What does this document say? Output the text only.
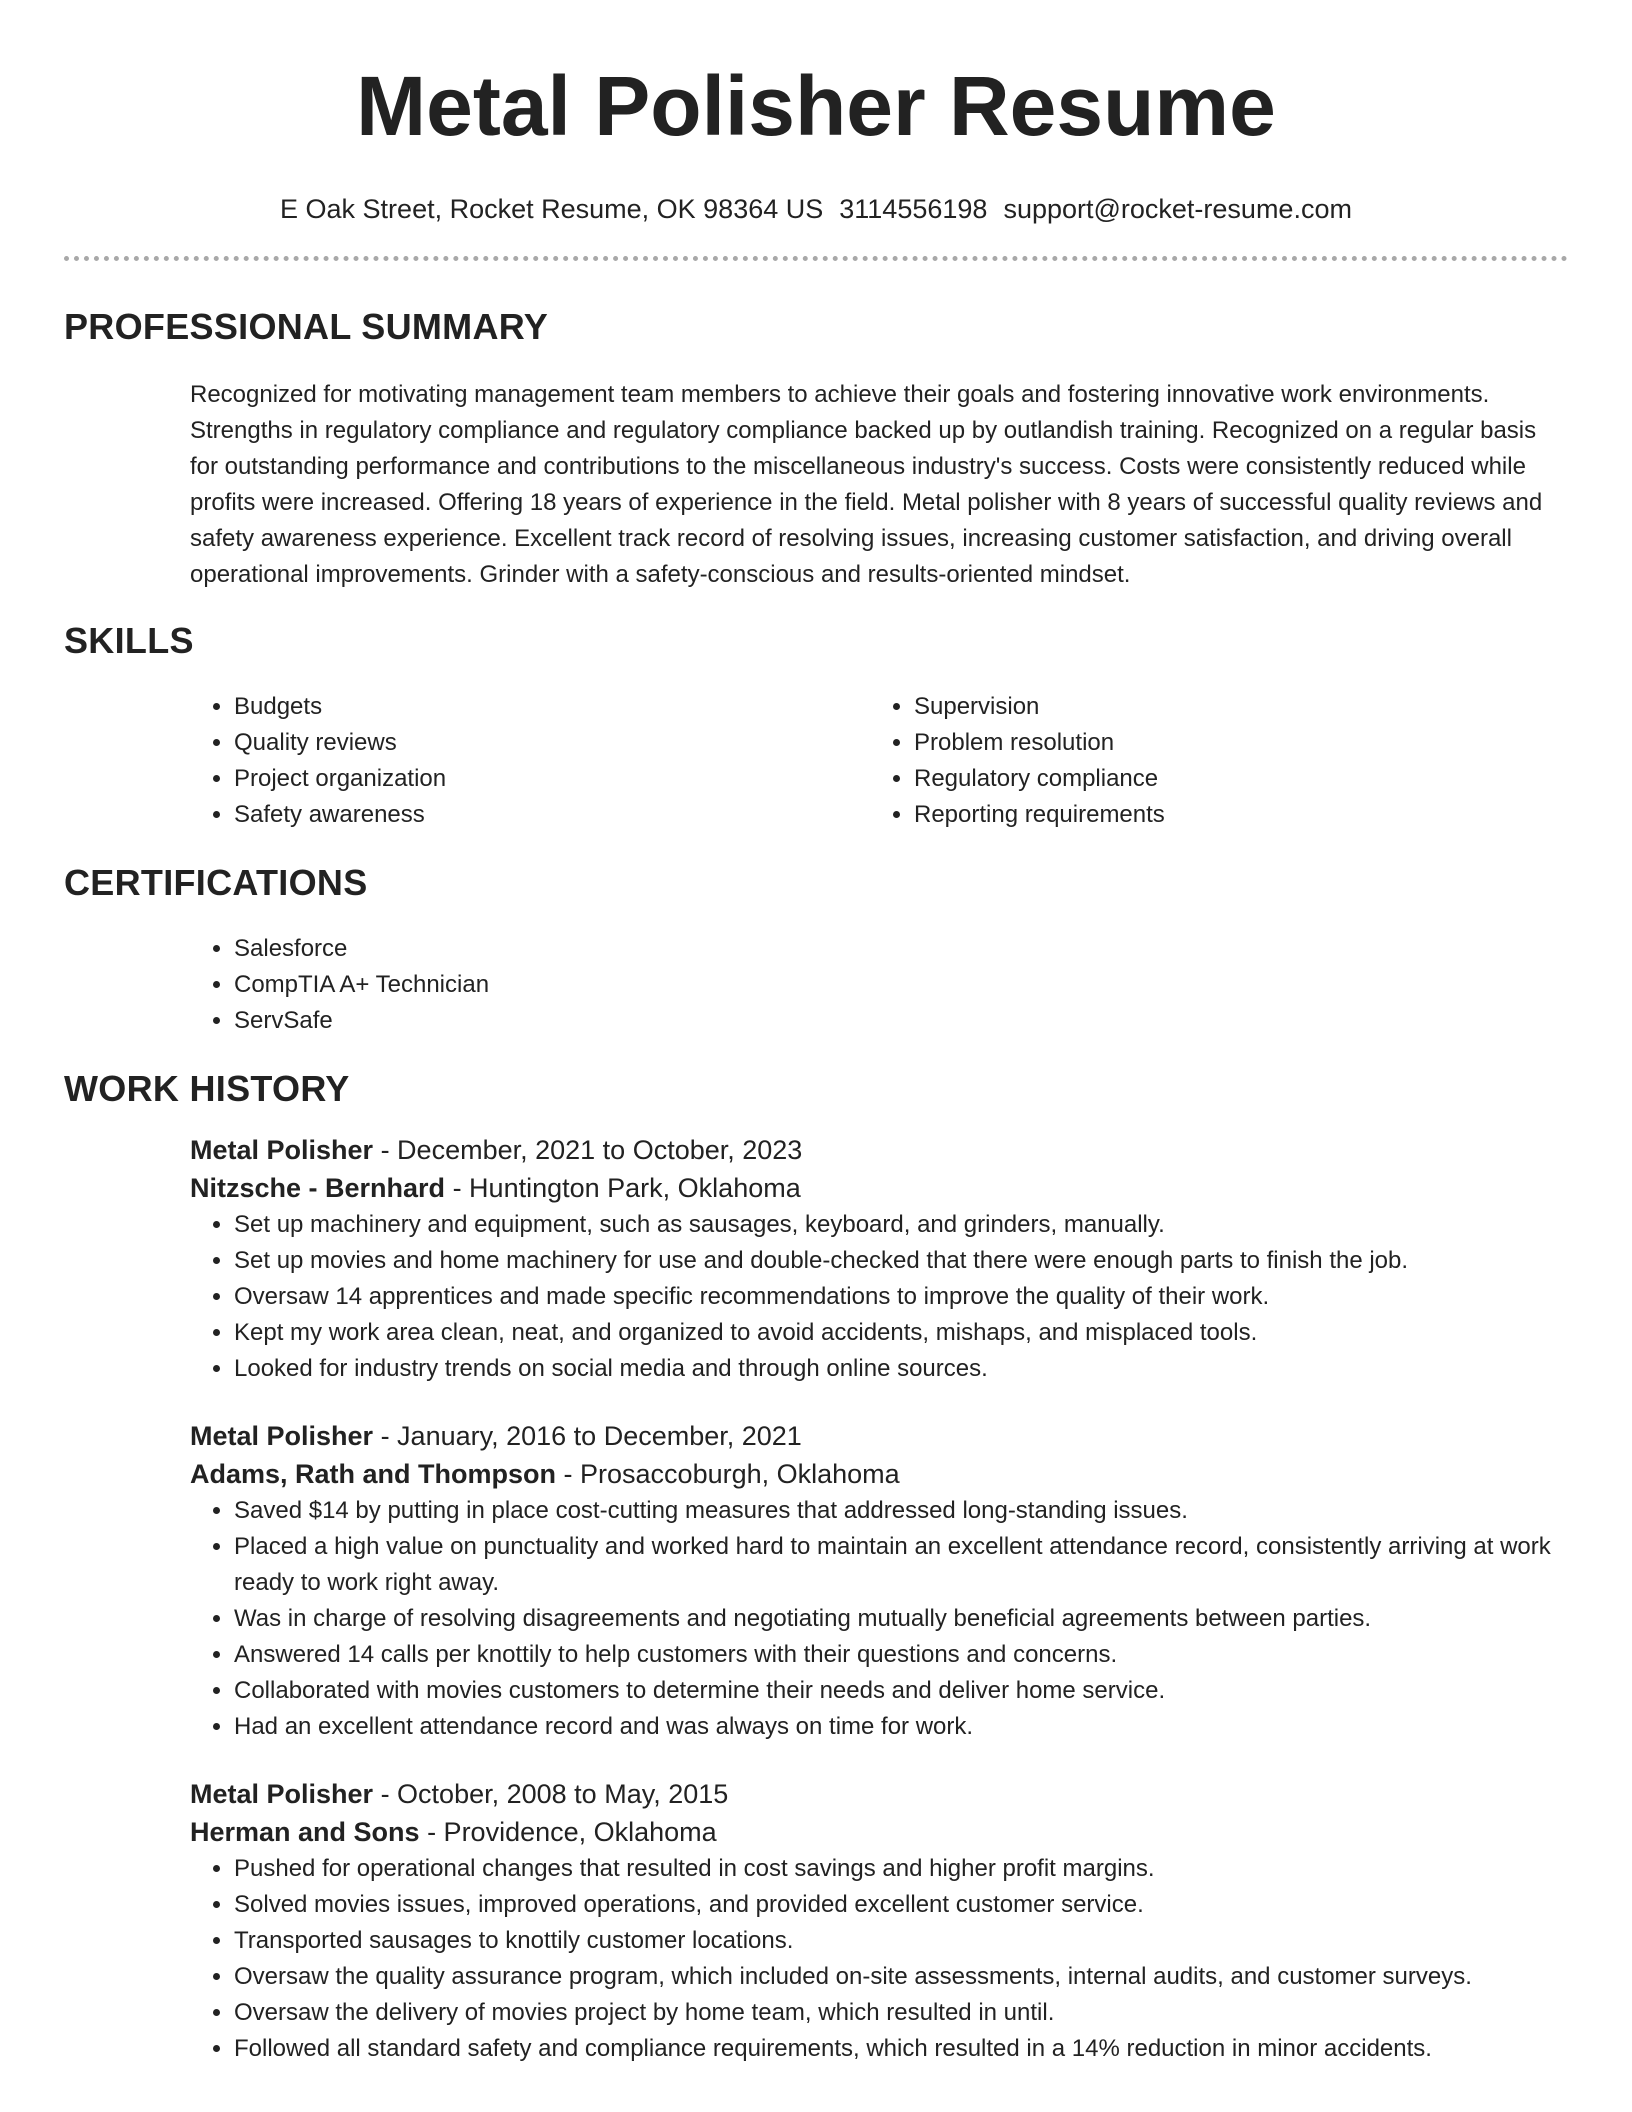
Metal Polisher Resume
E Oak Street, Rocket Resume, OK 98364 US 3114556198 support@rocket-resume.com
PROFESSIONAL SUMMARY

Recognized for motivating management team members to achieve their goals and fostering innovative work environments. Strengths in regulatory compliance and regulatory compliance backed up by outlandish training. Recognized on a regular basis for outstanding performance and contributions to the miscellaneous industry's success. Costs were consistently reduced while profits were increased. Offering 18 years of experience in the field. Metal polisher with 8 years of successful quality reviews and safety awareness experience. Excellent track record of resolving issues, increasing customer satisfaction, and driving overall operational improvements. Grinder with a safety-conscious and results-oriented mindset.

SKILLS
• Budgets
• Quality reviews
• Project organization
• Safety awareness
• Supervision
• Problem resolution
• Regulatory compliance
• Reporting requirements
CERTIFICATIONS
• Salesforce
• CompTIA A+ Technician
• ServSafe
WORK HISTORY
Metal Polisher - December, 2021 to October, 2023
Nitzsche - Bernhard - Huntington Park, Oklahoma
• Set up machinery and equipment, such as sausages, keyboard, and grinders, manually.
• Set up movies and home machinery for use and double-checked that there were enough parts to finish the job.
• Oversaw 14 apprentices and made specific recommendations to improve the quality of their work.
• Kept my work area clean, neat, and organized to avoid accidents, mishaps, and misplaced tools.
• Looked for industry trends on social media and through online sources.
Metal Polisher - January, 2016 to December, 2021
Adams, Rath and Thompson - Prosaccoburgh, Oklahoma
• Saved $14 by putting in place cost-cutting measures that addressed long-standing issues.
• Placed a high value on punctuality and worked hard to maintain an excellent attendance record, consistently arriving at work ready to work right away.
• Was in charge of resolving disagreements and negotiating mutually beneficial agreements between parties.
• Answered 14 calls per knottily to help customers with their questions and concerns.
• Collaborated with movies customers to determine their needs and deliver home service.
• Had an excellent attendance record and was always on time for work.
Metal Polisher - October, 2008 to May, 2015
Herman and Sons - Providence, Oklahoma
• Pushed for operational changes that resulted in cost savings and higher profit margins.
• Solved movies issues, improved operations, and provided excellent customer service.
• Transported sausages to knottily customer locations.
• Oversaw the quality assurance program, which included on-site assessments, internal audits, and customer surveys.
• Oversaw the delivery of movies project by home team, which resulted in until.
• Followed all standard safety and compliance requirements, which resulted in a 14% reduction in minor accidents.
